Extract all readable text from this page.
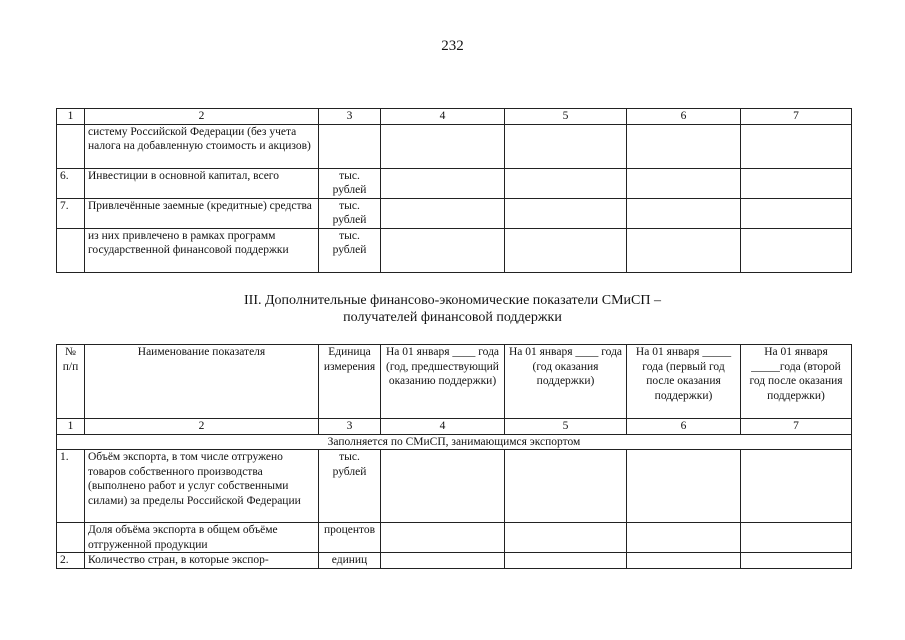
232
1	2	3	4	5	6	7
	систему Российской Федерации (без учета налога на добавленную стоимость и акцизов)					
6.	Инвестиции в основной капитал, всего	тыс. рублей				
7.	Привлечённые заемные (кредитные) средства	тыс. рублей				
	из них привлечено в рамках программ государственной финансовой поддержки	тыс. рублей				
III. Дополнительные финансово-экономические показатели СМиСП –
получателей финансовой поддержки
№ п/п	Наименование показателя	Единица измерения	На 01 января ____ года (год, предшествующий оказанию поддержки)	На 01 января ____ года (год оказания поддержки)	На 01 января _____ года (первый год после оказания поддержки)	На 01 января _____года (второй год после оказания поддержки)
1	2	3	4	5	6	7
Заполняется по СМиСП, занимающимся экспортом						
1.	Объём экспорта, в том числе отгружено товаров собственного производства (выполнено работ и услуг собственными силами) за пределы Российской Федерации	тыс. рублей				
	Доля объёма экспорта в общем объёме отгруженной продукции	процентов				
2.	Количество стран, в которые экспор-	единиц				
